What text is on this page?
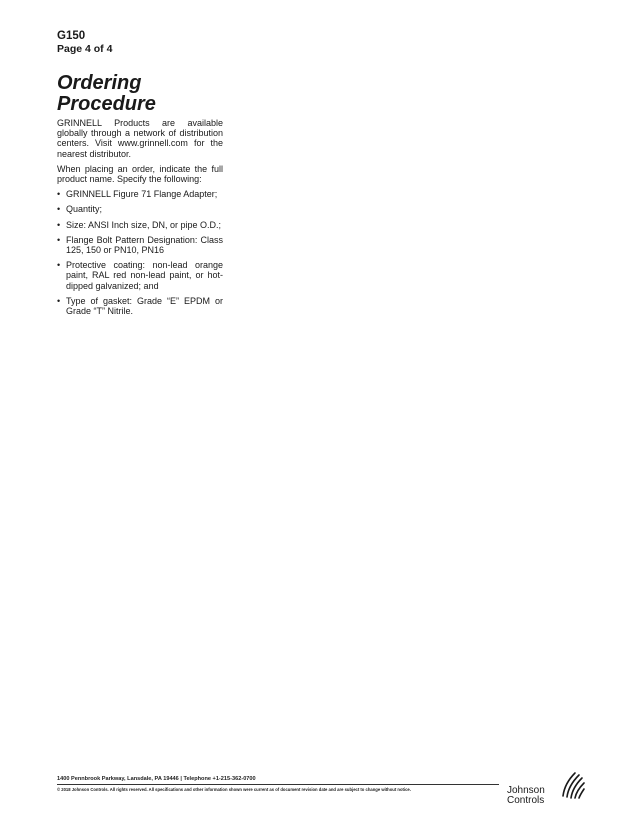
G150
Page 4 of 4
Ordering
Procedure

GRINNELL Products are available globally through a network of distribution centers. Visit www.grinnell.com for the nearest distributor.

When placing an order, indicate the full product name. Specify the following:

• GRINNELL Figure 71 Flange Adapter;
• Quantity;
• Size: ANSI Inch size, DN, or pipe O.D.;
• Flange Bolt Pattern Designation: Class 125, 150 or PN10, PN16
• Protective coating: non-lead orange paint, RAL red non-lead paint, or hot-dipped galvanized; and
• Type of gasket: Grade “E” EPDM or Grade “T” Nitrile.
1400 Pennbrook Parkway, Lansdale, PA 19446 | Telephone +1-215-362-0700
© 2018 Johnson Controls. All rights reserved. All specifications and other information shown were current as of document revision date and are subject to change without notice.	Johnson
Controls
